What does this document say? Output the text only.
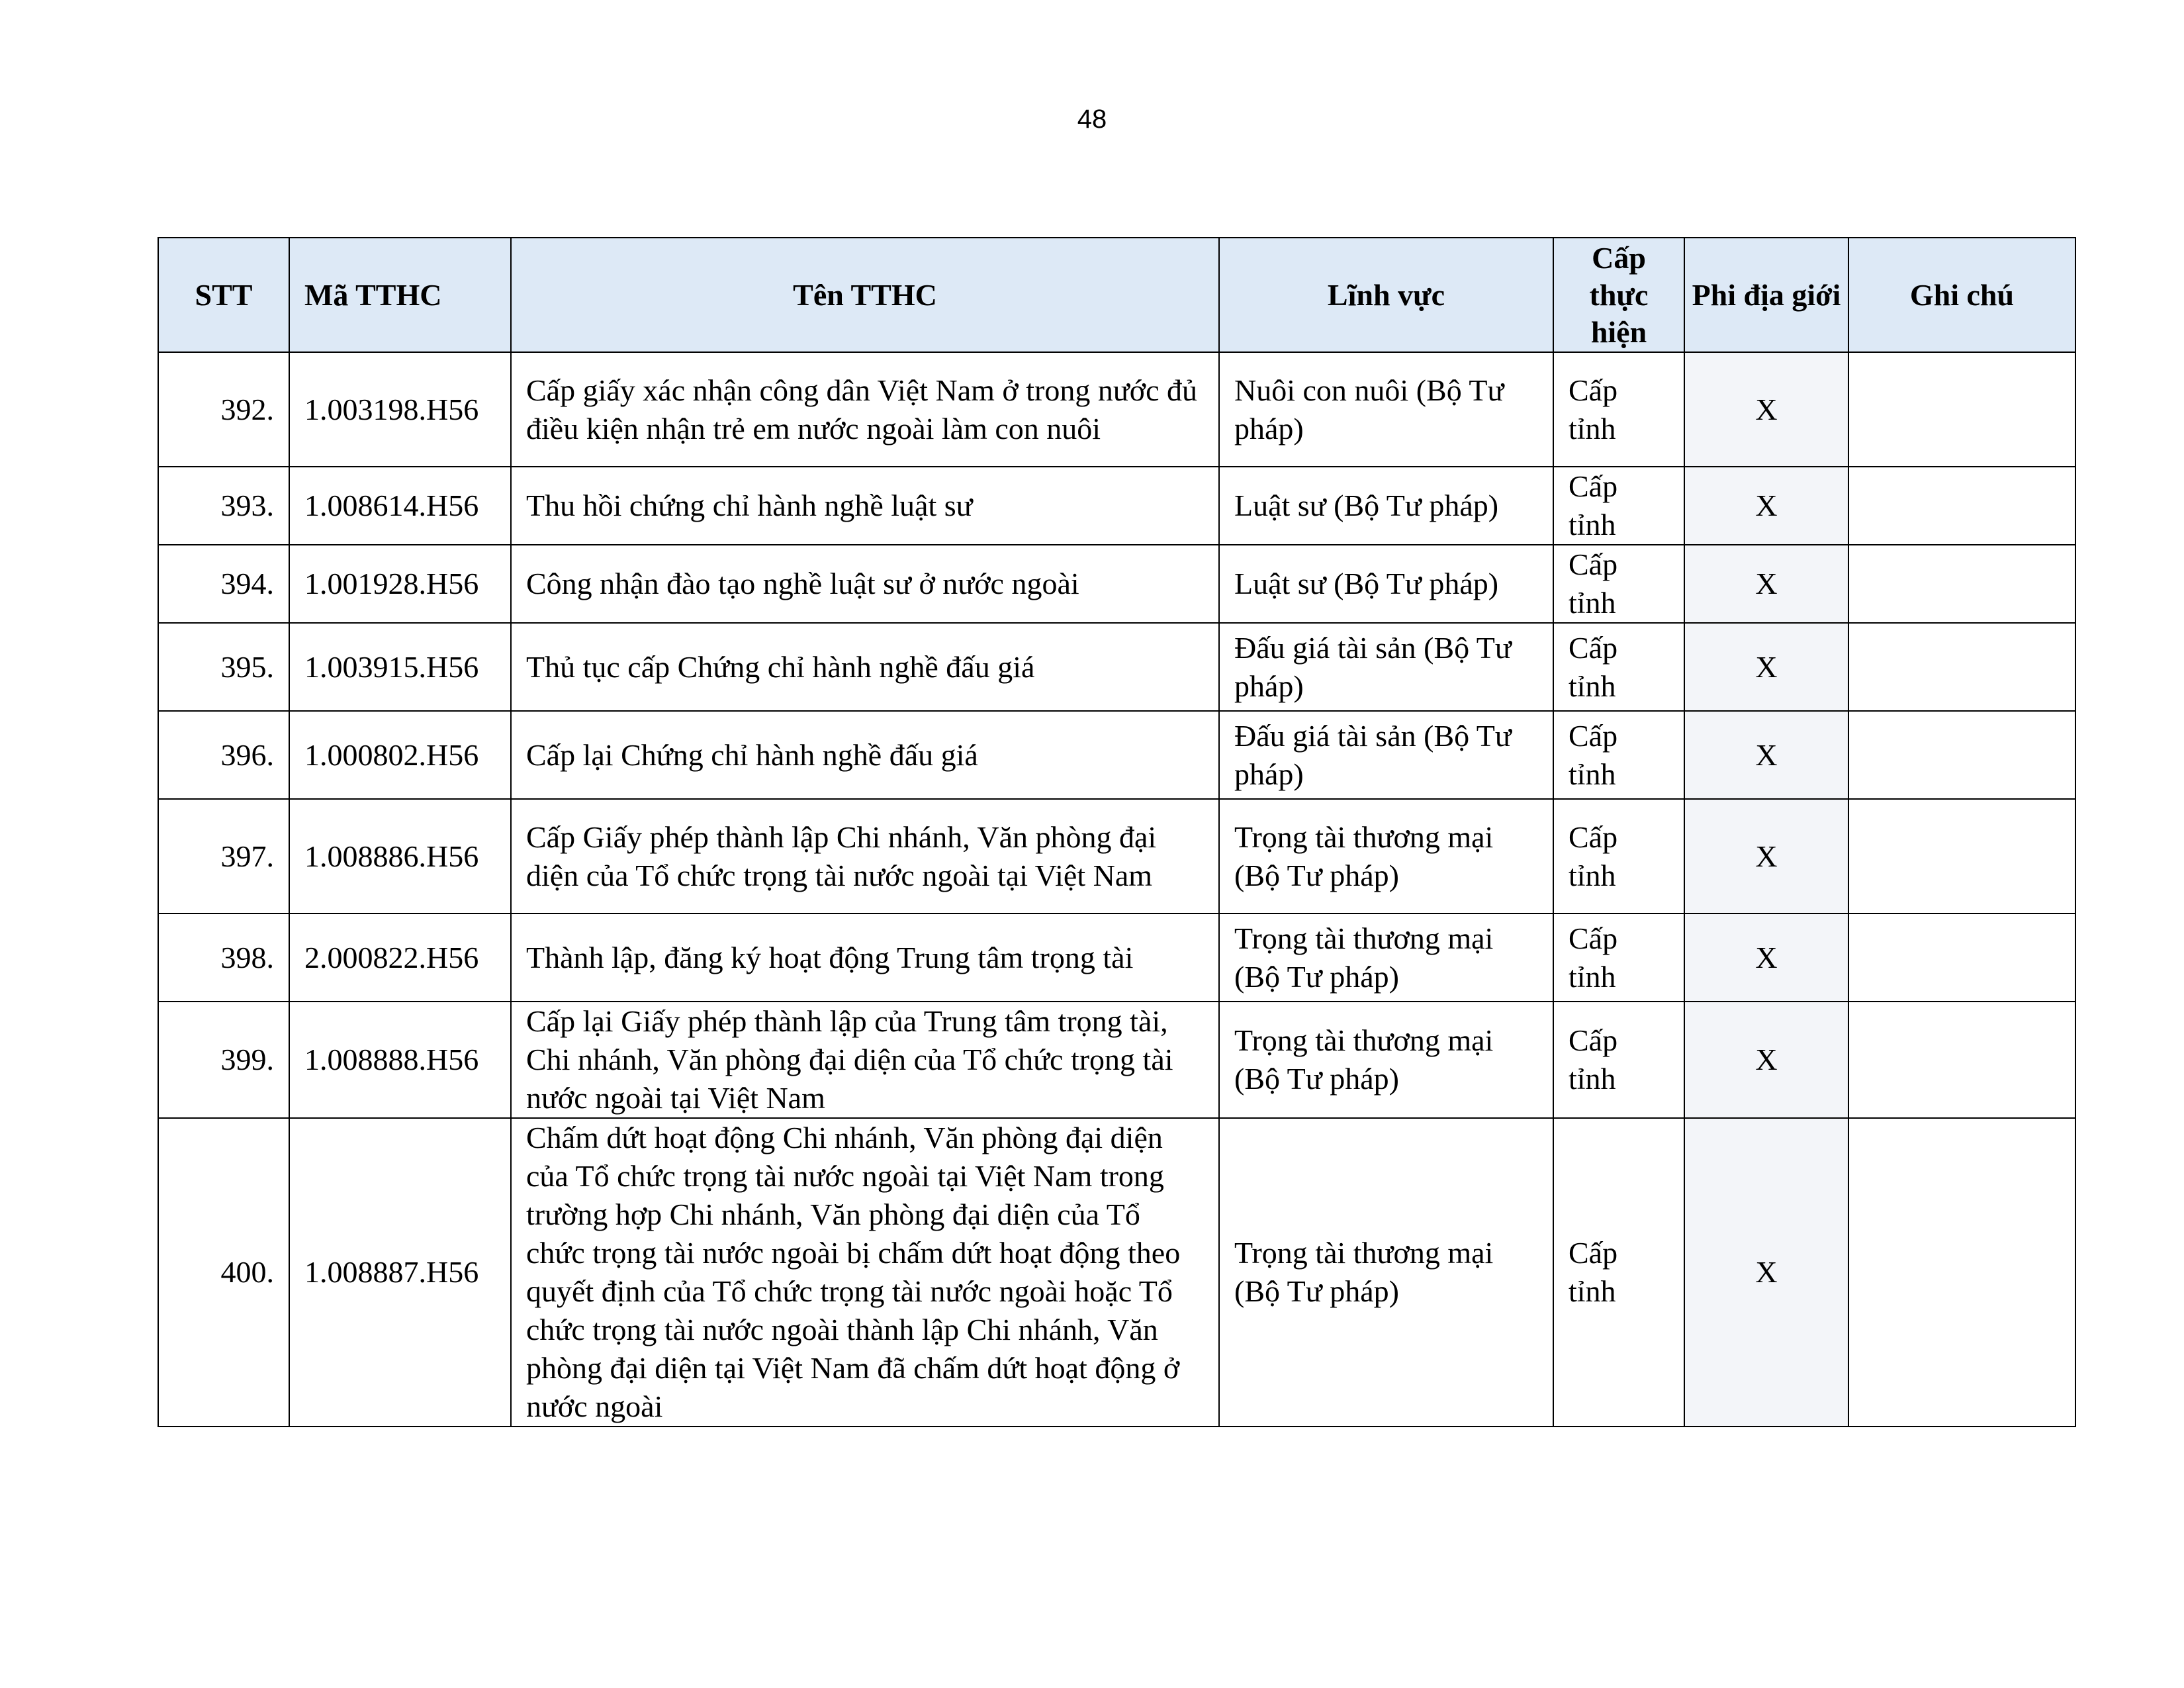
48
STT	Mã TTHC	Tên TTHC	Lĩnh vực	Cấp thực hiện	Phi địa giới	Ghi chú
392.	1.003198.H56	Cấp giấy xác nhận công dân Việt Nam ở trong nước đủ điều kiện nhận trẻ em nước ngoài làm con nuôi	Nuôi con nuôi (Bộ Tư pháp)	Cấp tỉnh	X	
393.	1.008614.H56	Thu hồi chứng chỉ hành nghề luật sư	Luật sư (Bộ Tư pháp)	Cấp tỉnh	X	
394.	1.001928.H56	Công nhận đào tạo nghề luật sư ở nước ngoài	Luật sư (Bộ Tư pháp)	Cấp tỉnh	X	
395.	1.003915.H56	Thủ tục cấp Chứng chỉ hành nghề đấu giá	Đấu giá tài sản (Bộ Tư pháp)	Cấp tỉnh	X	
396.	1.000802.H56	Cấp lại Chứng chỉ hành nghề đấu giá	Đấu giá tài sản (Bộ Tư pháp)	Cấp tỉnh	X	
397.	1.008886.H56	Cấp Giấy phép thành lập Chi nhánh, Văn phòng đại diện của Tổ chức trọng tài nước ngoài tại Việt Nam	Trọng tài thương mại (Bộ Tư pháp)	Cấp tỉnh	X	
398.	2.000822.H56	Thành lập, đăng ký hoạt động Trung tâm trọng tài	Trọng tài thương mại (Bộ Tư pháp)	Cấp tỉnh	X	
399.	1.008888.H56	Cấp lại Giấy phép thành lập của Trung tâm trọng tài, Chi nhánh, Văn phòng đại diện của Tổ chức trọng tài nước ngoài tại Việt Nam	Trọng tài thương mại (Bộ Tư pháp)	Cấp tỉnh	X	
400.	1.008887.H56	Chấm dứt hoạt động Chi nhánh, Văn phòng đại diện của Tổ chức trọng tài nước ngoài tại Việt Nam trong trường hợp Chi nhánh, Văn phòng đại diện của Tổ chức trọng tài nước ngoài bị chấm dứt hoạt động theo quyết định của Tổ chức trọng tài nước ngoài hoặc Tổ chức trọng tài nước ngoài thành lập Chi nhánh, Văn phòng đại diện tại Việt Nam đã chấm dứt hoạt động ở nước ngoài	Trọng tài thương mại (Bộ Tư pháp)	Cấp tỉnh	X	
